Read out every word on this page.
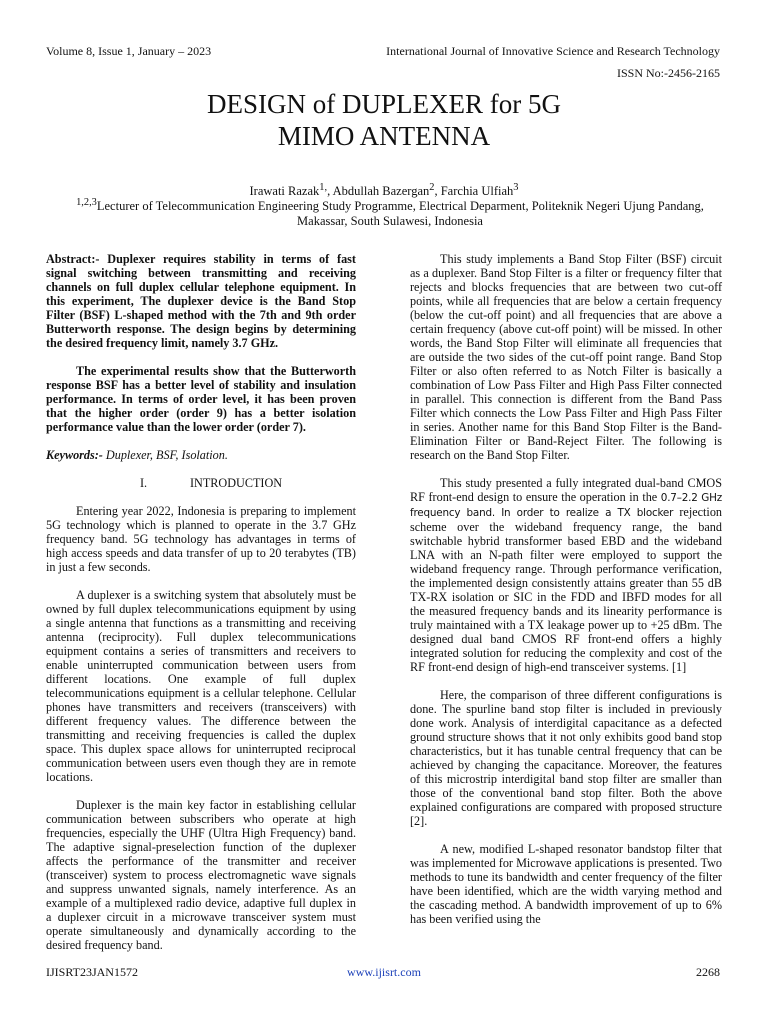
Volume 8, Issue 1, January – 2023	International Journal of Innovative Science and Research Technology
ISSN No:-2456-2165
DESIGN of DUPLEXER for 5G
MIMO ANTENNA
Irawati Razak$^{1,}$, Abdullah Bazergan$^2$, Farchia Ulfiah$^3$
$^{1,2,3}$Lecturer of Telecommunication Engineering Study Programme, Electrical Deparment, Politeknik Negeri Ujung Pandang,
Makassar, South Sulawesi, Indonesia

Abstract:- Duplexer requires stability in terms of fast signal switching between transmitting and receiving channels on full duplex cellular telephone equipment. In this experiment, The duplexer device is the Band Stop Filter (BSF) L-shaped method with the 7th and 9th order Butterworth response. The design begins by determining the desired frequency limit, namely 3.7 GHz.

The experimental results show that the Butterworth response BSF has a better level of stability and insulation performance. In terms of order level, it has been proven that the higher order (order 9) has a better isolation performance value than the lower order (order 7).

Keywords:- Duplexer, BSF, Isolation.

I.	INTRODUCTION

Entering year 2022, Indonesia is preparing to implement 5G technology which is planned to operate in the 3.7 GHz frequency band. 5G technology has advantages in terms of high access speeds and data transfer of up to 20 terabytes (TB) in just a few seconds.

A duplexer is a switching system that absolutely must be owned by full duplex telecommunications equipment by using a single antenna that functions as a transmitting and receiving antenna (reciprocity). Full duplex telecommunications equipment contains a series of transmitters and receivers to enable uninterrupted communication between users from different locations. One example of full duplex telecommunications equipment is a cellular telephone. Cellular phones have transmitters and receivers (transceivers) with different frequency values. The difference between the transmitting and receiving frequencies is called the duplex space. This duplex space allows for uninterrupted reciprocal communication between users even though they are in remote locations.

Duplexer is the main key factor in establishing cellular communication between subscribers who operate at high frequencies, especially the UHF (Ultra High Frequency) band. The adaptive signal-preselection function of the duplexer affects the performance of the transmitter and receiver (transceiver) system to process electromagnetic wave signals and suppress unwanted signals, namely interference. As an example of a multiplexed radio device, adaptive full duplex in a duplexer circuit in a microwave transceiver system must operate simultaneously and dynamically according to the desired frequency band.

This study implements a Band Stop Filter (BSF) circuit as a duplexer. Band Stop Filter is a filter or frequency filter that rejects and blocks frequencies that are between two cut-off points, while all frequencies that are below a certain frequency (below the cut-off point) and all frequencies that are above a certain frequency (above cut-off point) will be missed. In other words, the Band Stop Filter will eliminate all frequencies that are outside the two sides of the cut-off point range. Band Stop Filter or also often referred to as Notch Filter is basically a combination of Low Pass Filter and High Pass Filter connected in parallel. This connection is different from the Band Pass Filter which connects the Low Pass Filter and High Pass Filter in series. Another name for this Band Stop Filter is the Band-Elimination Filter or Band-Reject Filter. The following is research on the Band Stop Filter.

This study presented a fully integrated dual-band CMOS RF front-end design to ensure the operation in the 0.7–2.2 GHz frequency band. In order to realize a TX blocker rejection scheme over the wideband frequency range, the band switchable hybrid transformer based EBD and the wideband LNA with an N-path filter were employed to support the wideband frequency range. Through performance verification, the implemented design consistently attains greater than 55 dB TX-RX isolation or SIC in the FDD and IBFD modes for all the measured frequency bands and its linearity performance is truly maintained with a TX leakage power up to +25 dBm. The designed dual band CMOS RF front-end offers a highly integrated solution for reducing the complexity and cost of the RF front-end design of high-end transceiver systems. [1]

Here, the comparison of three different configurations is done. The spurline band stop filter is included in previously done work. Analysis of interdigital capacitance as a defected ground structure shows that it not only exhibits good band stop characteristics, but it has tunable central frequency that can be achieved by changing the capacitance. Moreover, the features of this microstrip interdigital band stop filter are smaller than those of the conventional band stop filter. Both the above explained configurations are compared with proposed structure [2].

A new, modified L-shaped resonator bandstop filter that was implemented for Microwave applications is presented. Two methods to tune its bandwidth and center frequency of the filter have been identified, which are the width varying method and the cascading method. A bandwidth improvement of up to 6% has been verified using the

IJISRT23JAN1572	www.ijisrt.com	2268
